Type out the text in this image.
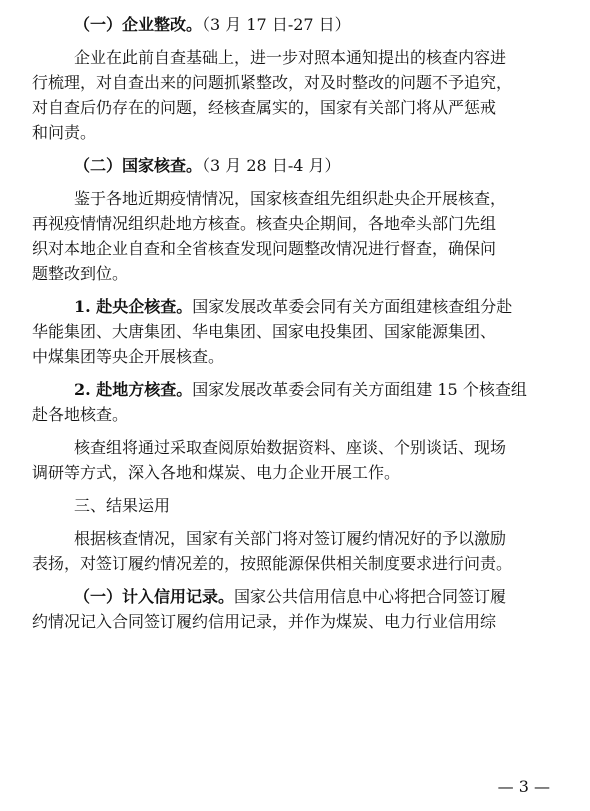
（一）企业整改。（3 月 17 日-27 日）
企业在此前自查基础上，进一步对照本通知提出的核查内容进
行梳理，对自查出来的问题抓紧整改，对及时整改的问题不予追究，
对自查后仍存在的问题，经核查属实的，国家有关部门将从严惩戒
和问责。
（二）国家核查。（3 月 28 日-4 月）
鉴于各地近期疫情情况，国家核查组先组织赴央企开展核查，
再视疫情情况组织赴地方核查。核查央企期间，各地牵头部门先组
织对本地企业自查和全省核查发现问题整改情况进行督查，确保问
题整改到位。
1. 赴央企核查。国家发展改革委会同有关方面组建核查组分赴
华能集团、大唐集团、华电集团、国家电投集团、国家能源集团、
中煤集团等央企开展核查。
2. 赴地方核查。国家发展改革委会同有关方面组建 15 个核查组
赴各地核查。
核查组将通过采取查阅原始数据资料、座谈、个别谈话、现场
调研等方式，深入各地和煤炭、电力企业开展工作。
三、结果运用
根据核查情况，国家有关部门将对签订履约情况好的予以激励
表扬，对签订履约情况差的，按照能源保供相关制度要求进行问责。
（一）计入信用记录。国家公共信用信息中心将把合同签订履
约情况记入合同签订履约信用记录，并作为煤炭、电力行业信用综
— 3 —
